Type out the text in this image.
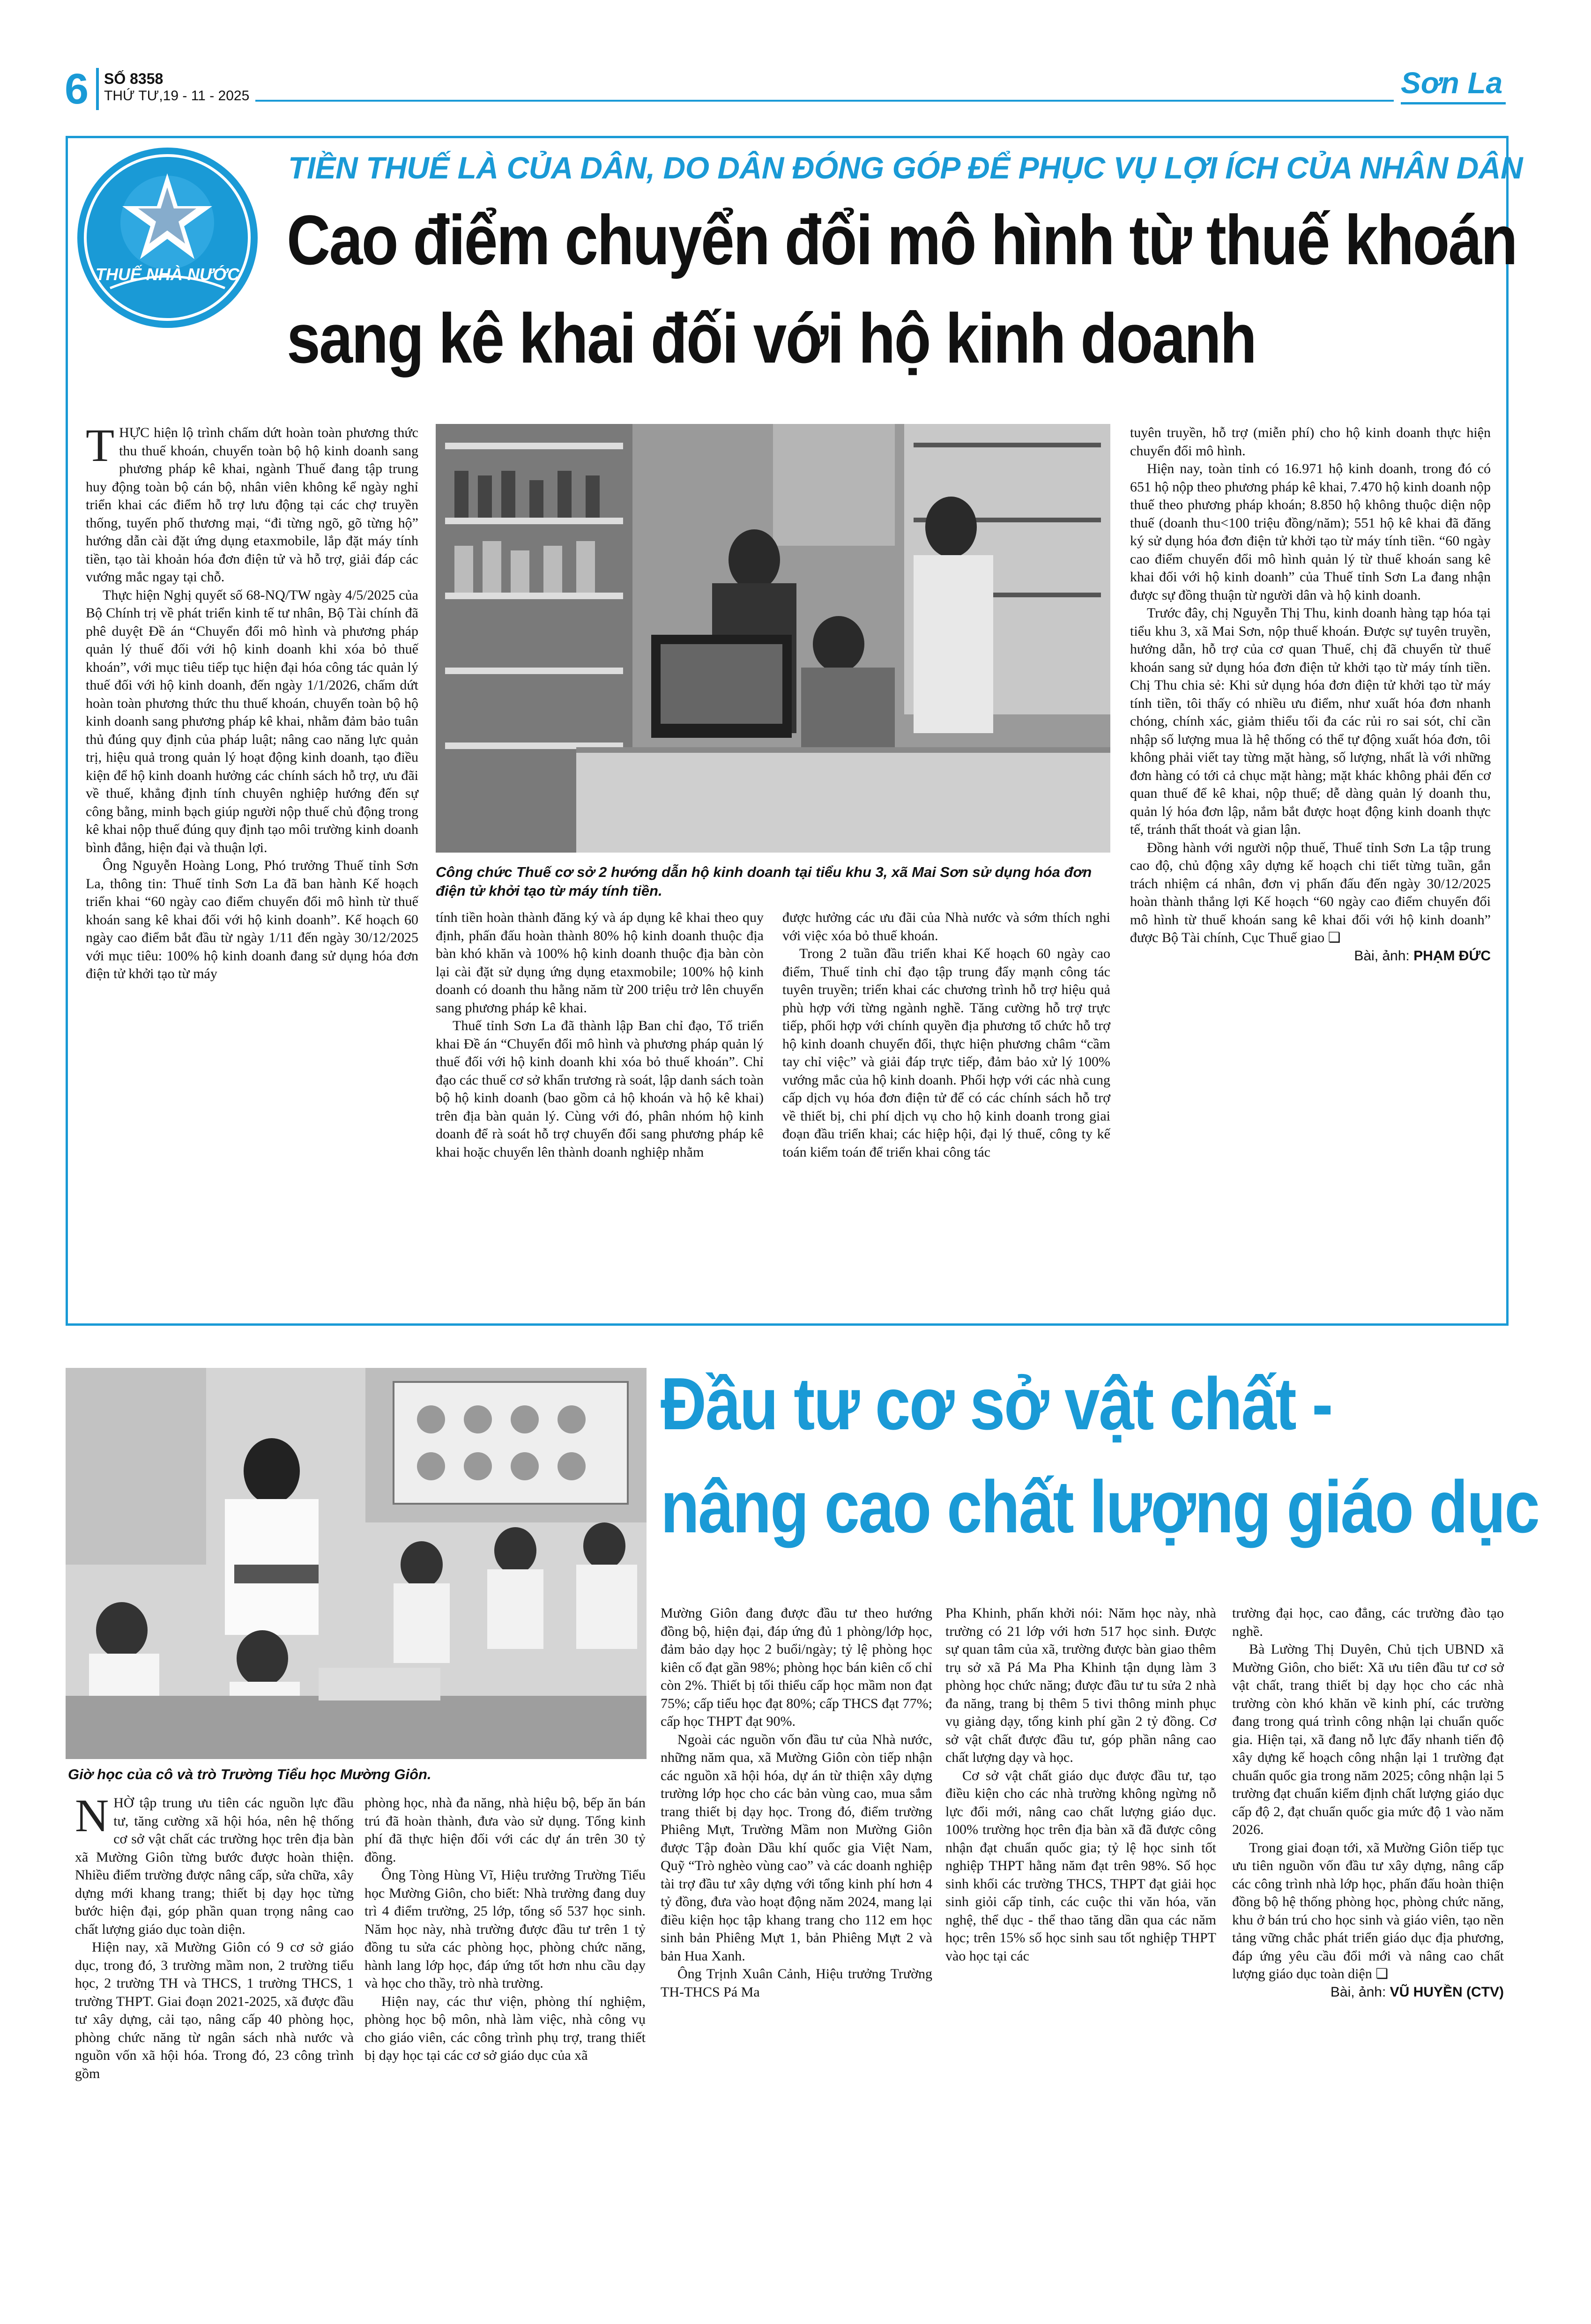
6 SỐ 8358
THỨ TƯ,19 - 11 - 2025	Sơn La
THUẾ NHÀ NƯỚC
TIỀN THUẾ LÀ CỦA DÂN, DO DÂN ĐÓNG GÓP ĐỂ PHỤC VỤ LỢI ÍCH CỦA NHÂN DÂN
Cao điểm chuyển đổi mô hình từ thuế khoán
sang kê khai đối với hộ kinh doanh
Công chức Thuế cơ sở 2 hướng dẫn hộ kinh doanh tại tiểu khu 3, xã Mai Sơn sử dụng hóa đơn điện tử khởi tạo từ máy tính tiền.

THỰC hiện lộ trình chấm dứt hoàn toàn phương thức thu thuế khoán, chuyển toàn bộ hộ kinh doanh sang phương pháp kê khai, ngành Thuế đang tập trung huy động toàn bộ cán bộ, nhân viên không kể ngày nghỉ triển khai các điểm hỗ trợ lưu động tại các chợ truyền thống, tuyến phố thương mại, “đi từng ngõ, gõ từng hộ” hướng dẫn cài đặt ứng dụng etaxmobile, lắp đặt máy tính tiền, tạo tài khoản hóa đơn điện tử và hỗ trợ, giải đáp các vướng mắc ngay tại chỗ.

Thực hiện Nghị quyết số 68-NQ/TW ngày 4/5/2025 của Bộ Chính trị về phát triển kinh tế tư nhân, Bộ Tài chính đã phê duyệt Đề án “Chuyển đổi mô hình và phương pháp quản lý thuế đối với hộ kinh doanh khi xóa bỏ thuế khoán”, với mục tiêu tiếp tục hiện đại hóa công tác quản lý thuế đối với hộ kinh doanh, đến ngày 1/1/2026, chấm dứt hoàn toàn phương thức thu thuế khoán, chuyển toàn bộ hộ kinh doanh sang phương pháp kê khai, nhằm đảm bảo tuân thủ đúng quy định của pháp luật; nâng cao năng lực quản trị, hiệu quả trong quản lý hoạt động kinh doanh, tạo điều kiện để hộ kinh doanh hưởng các chính sách hỗ trợ, ưu đãi về thuế, khẳng định tính chuyên nghiệp hướng đến sự công bằng, minh bạch giúp người nộp thuế chủ động trong kê khai nộp thuế đúng quy định tạo môi trường kinh doanh bình đẳng, hiện đại và thuận lợi.

Ông Nguyễn Hoàng Long, Phó trưởng Thuế tỉnh Sơn La, thông tin: Thuế tỉnh Sơn La đã ban hành Kế hoạch triển khai “60 ngày cao điểm chuyển đổi mô hình từ thuế khoán sang kê khai đối với hộ kinh doanh”. Kế hoạch 60 ngày cao điểm bắt đầu từ ngày 1/11 đến ngày 30/12/2025 với mục tiêu: 100% hộ kinh doanh đang sử dụng hóa đơn điện tử khởi tạo từ máy

tính tiền hoàn thành đăng ký và áp dụng kê khai theo quy định, phấn đấu hoàn thành 80% hộ kinh doanh thuộc địa bàn khó khăn và 100% hộ kinh doanh thuộc địa bàn còn lại cài đặt sử dụng ứng dụng etaxmobile; 100% hộ kinh doanh có doanh thu hằng năm từ 200 triệu trở lên chuyển sang phương pháp kê khai.

Thuế tỉnh Sơn La đã thành lập Ban chỉ đạo, Tổ triển khai Đề án “Chuyển đổi mô hình và phương pháp quản lý thuế đối với hộ kinh doanh khi xóa bỏ thuế khoán”. Chỉ đạo các thuế cơ sở khẩn trương rà soát, lập danh sách toàn bộ hộ kinh doanh (bao gồm cả hộ khoán và hộ kê khai) trên địa bàn quản lý. Cùng với đó, phân nhóm hộ kinh doanh để rà soát hỗ trợ chuyển đổi sang phương pháp kê khai hoặc chuyển lên thành doanh nghiệp nhằm

được hưởng các ưu đãi của Nhà nước và sớm thích nghi với việc xóa bỏ thuế khoán.

Trong 2 tuần đầu triển khai Kế hoạch 60 ngày cao điểm, Thuế tỉnh chỉ đạo tập trung đẩy mạnh công tác tuyên truyền; triển khai các chương trình hỗ trợ hiệu quả phù hợp với từng ngành nghề. Tăng cường hỗ trợ trực tiếp, phối hợp với chính quyền địa phương tổ chức hỗ trợ hộ kinh doanh chuyển đổi, thực hiện phương châm “cầm tay chỉ việc” và giải đáp trực tiếp, đảm bảo xử lý 100% vướng mắc của hộ kinh doanh. Phối hợp với các nhà cung cấp dịch vụ hóa đơn điện tử để có các chính sách hỗ trợ về thiết bị, chi phí dịch vụ cho hộ kinh doanh trong giai đoạn đầu triển khai; các hiệp hội, đại lý thuế, công ty kế toán kiểm toán để triển khai công tác

tuyên truyền, hỗ trợ (miễn phí) cho hộ kinh doanh thực hiện chuyển đổi mô hình.

Hiện nay, toàn tỉnh có 16.971 hộ kinh doanh, trong đó có 651 hộ nộp theo phương pháp kê khai, 7.470 hộ kinh doanh nộp thuế theo phương pháp khoán; 8.850 hộ không thuộc diện nộp thuế (doanh thu<100 triệu đồng/năm); 551 hộ kê khai đã đăng ký sử dụng hóa đơn điện tử khởi tạo từ máy tính tiền. “60 ngày cao điểm chuyển đổi mô hình quản lý từ thuế khoán sang kê khai đối với hộ kinh doanh” của Thuế tỉnh Sơn La đang nhận được sự đồng thuận từ người dân và hộ kinh doanh.

Trước đây, chị Nguyễn Thị Thu, kinh doanh hàng tạp hóa tại tiểu khu 3, xã Mai Sơn, nộp thuế khoán. Được sự tuyên truyền, hướng dẫn, hỗ trợ của cơ quan Thuế, chị đã chuyển từ thuế khoán sang sử dụng hóa đơn điện tử khởi tạo từ máy tính tiền. Chị Thu chia sẻ: Khi sử dụng hóa đơn điện tử khởi tạo từ máy tính tiền, tôi thấy có nhiều ưu điểm, như xuất hóa đơn nhanh chóng, chính xác, giảm thiểu tối đa các rủi ro sai sót, chỉ cần nhập số lượng mua là hệ thống có thể tự động xuất hóa đơn, tôi không phải viết tay từng mặt hàng, số lượng, nhất là với những đơn hàng có tới cả chục mặt hàng; mặt khác không phải đến cơ quan thuế để kê khai, nộp thuế; dễ dàng quản lý doanh thu, quản lý hóa đơn lập, nắm bắt được hoạt động kinh doanh thực tế, tránh thất thoát và gian lận.

Đồng hành với người nộp thuế, Thuế tỉnh Sơn La tập trung cao độ, chủ động xây dựng kế hoạch chi tiết từng tuần, gắn trách nhiệm cá nhân, đơn vị phấn đấu đến ngày 30/12/2025 hoàn thành thắng lợi Kế hoạch “60 ngày cao điểm chuyển đổi mô hình từ thuế khoán sang kê khai đối với hộ kinh doanh” được Bộ Tài chính, Cục Thuế giao ❏

Bài, ảnh: PHẠM ĐỨC
Giờ học của cô và trò Trường Tiểu học Mường Giôn.
Đầu tư cơ sở vật chất -
nâng cao chất lượng giáo dục

NHỜ tập trung ưu tiên các nguồn lực đầu tư, tăng cường xã hội hóa, nên hệ thống cơ sở vật chất các trường học trên địa bàn xã Mường Giôn từng bước được hoàn thiện. Nhiều điểm trường được nâng cấp, sửa chữa, xây dựng mới khang trang; thiết bị dạy học từng bước hiện đại, góp phần quan trọng nâng cao chất lượng giáo dục toàn diện.

Hiện nay, xã Mường Giôn có 9 cơ sở giáo dục, trong đó, 3 trường mầm non, 2 trường tiểu học, 2 trường TH và THCS, 1 trường THCS, 1 trường THPT. Giai đoạn 2021-2025, xã được đầu tư xây dựng, cải tạo, nâng cấp 40 phòng học, phòng chức năng từ ngân sách nhà nước và nguồn vốn xã hội hóa. Trong đó, 23 công trình gồm

phòng học, nhà đa năng, nhà hiệu bộ, bếp ăn bán trú đã hoàn thành, đưa vào sử dụng. Tổng kinh phí đã thực hiện đối với các dự án trên 30 tỷ đồng.

Ông Tòng Hùng Vĩ, Hiệu trưởng Trường Tiểu học Mường Giôn, cho biết: Nhà trường đang duy trì 4 điểm trường, 25 lớp, tổng số 537 học sinh. Năm học này, nhà trường được đầu tư trên 1 tỷ đồng tu sửa các phòng học, phòng chức năng, hành lang lớp học, đáp ứng tốt hơn nhu cầu dạy và học cho thầy, trò nhà trường.

Hiện nay, các thư viện, phòng thí nghiệm, phòng học bộ môn, nhà làm việc, nhà công vụ cho giáo viên, các công trình phụ trợ, trang thiết bị dạy học tại các cơ sở giáo dục của xã

Mường Giôn đang được đầu tư theo hướng đồng bộ, hiện đại, đáp ứng đủ 1 phòng/lớp học, đảm bảo dạy học 2 buổi/ngày; tỷ lệ phòng học kiên cố đạt gần 98%; phòng học bán kiên cố chỉ còn 2%. Thiết bị tối thiểu cấp học mầm non đạt 75%; cấp tiểu học đạt 80%; cấp THCS đạt 77%; cấp học THPT đạt 90%.

Ngoài các nguồn vốn đầu tư của Nhà nước, những năm qua, xã Mường Giôn còn tiếp nhận các nguồn xã hội hóa, dự án từ thiện xây dựng trường lớp học cho các bản vùng cao, mua sắm trang thiết bị dạy học. Trong đó, điểm trường Phiêng Mựt, Trường Mầm non Mường Giôn được Tập đoàn Dầu khí quốc gia Việt Nam, Quỹ “Trò nghèo vùng cao” và các doanh nghiệp tài trợ đầu tư xây dựng với tổng kinh phí hơn 4 tỷ đồng, đưa vào hoạt động năm 2024, mang lại điều kiện học tập khang trang cho 112 em học sinh bản Phiêng Mựt 1, bản Phiêng Mựt 2 và bản Hua Xanh.

Ông Trịnh Xuân Cảnh, Hiệu trưởng Trường TH-THCS Pá Ma

Pha Khinh, phấn khởi nói: Năm học này, nhà trường có 21 lớp với hơn 517 học sinh. Được sự quan tâm của xã, trường được bàn giao thêm trụ sở xã Pá Ma Pha Khinh tận dụng làm 3 phòng học chức năng; được đầu tư tu sửa 2 nhà đa năng, trang bị thêm 5 tivi thông minh phục vụ giảng dạy, tổng kinh phí gần 2 tỷ đồng. Cơ sở vật chất được đầu tư, góp phần nâng cao chất lượng dạy và học.

Cơ sở vật chất giáo dục được đầu tư, tạo điều kiện cho các nhà trường không ngừng nỗ lực đổi mới, nâng cao chất lượng giáo dục. 100% trường học trên địa bàn xã đã được công nhận đạt chuẩn quốc gia; tỷ lệ học sinh tốt nghiệp THPT hằng năm đạt trên 98%. Số học sinh khối các trường THCS, THPT đạt giải học sinh giỏi cấp tỉnh, các cuộc thi văn hóa, văn nghệ, thể dục - thể thao tăng dần qua các năm học; trên 15% số học sinh sau tốt nghiệp THPT vào học tại các

trường đại học, cao đẳng, các trường đào tạo nghề.

Bà Lường Thị Duyên, Chủ tịch UBND xã Mường Giôn, cho biết: Xã ưu tiên đầu tư cơ sở vật chất, trang thiết bị dạy học cho các nhà trường còn khó khăn về kinh phí, các trường đang trong quá trình công nhận lại chuẩn quốc gia. Hiện tại, xã đang nỗ lực đẩy nhanh tiến độ xây dựng kế hoạch công nhận lại 1 trường đạt chuẩn quốc gia trong năm 2025; công nhận lại 5 trường đạt chuẩn kiểm định chất lượng giáo dục cấp độ 2, đạt chuẩn quốc gia mức độ 1 vào năm 2026.

Trong giai đoạn tới, xã Mường Giôn tiếp tục ưu tiên nguồn vốn đầu tư xây dựng, nâng cấp các công trình nhà lớp học, phấn đấu hoàn thiện đồng bộ hệ thống phòng học, phòng chức năng, khu ở bán trú cho học sinh và giáo viên, tạo nền tảng vững chắc phát triển giáo dục địa phương, đáp ứng yêu cầu đổi mới và nâng cao chất lượng giáo dục toàn diện ❏

Bài, ảnh: VŨ HUYỀN (CTV)
